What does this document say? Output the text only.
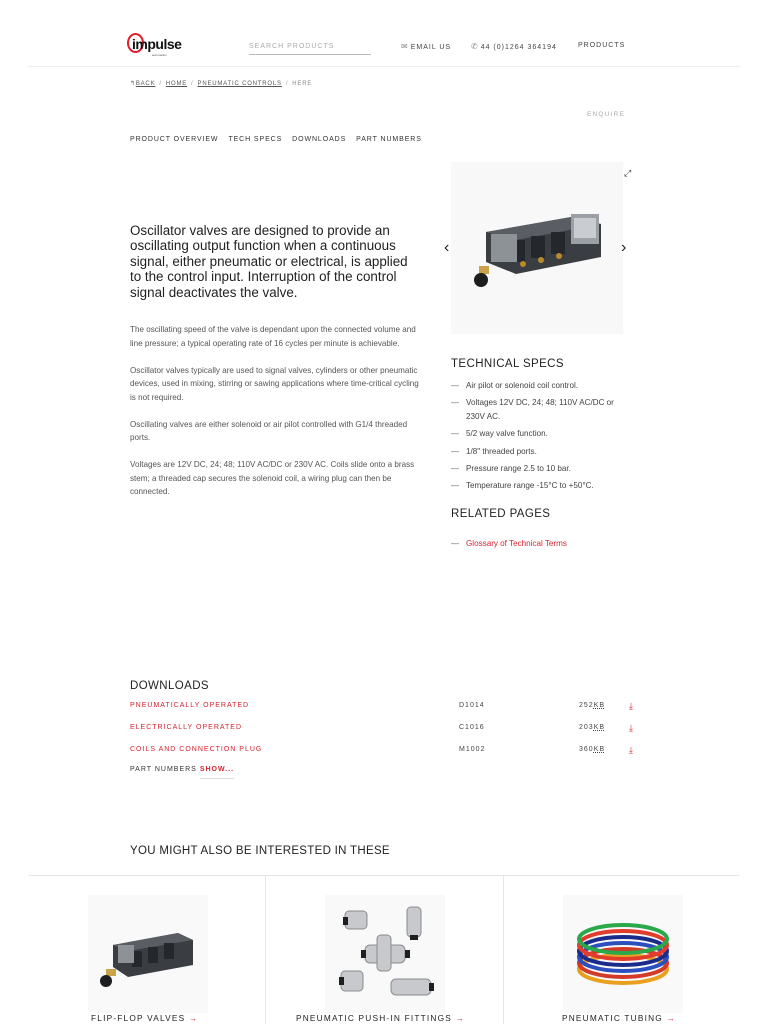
impulse
automation
SEARCH PRODUCTS
✉ EMAIL US ✆ 44 (0)1264 364194	PRODUCTS
↰BACK / HOME / PNEUMATIC CONTROLS / HERE
ENQUIRE
PRODUCT OVERVIEW TECH SPECS DOWNLOADS PART NUMBERS
Oscillator valves are designed to provide an oscillating output function when a continuous signal, either pneumatic or electrical, is applied to the control input. Interruption of the control signal deactivates the valve.

The oscillating speed of the valve is dependant upon the connected volume and line pressure; a typical operating rate of 16 cycles per minute is achievable.

Oscillator valves typically are used to signal valves, cylinders or other pneumatic devices, used in mixing, stirring or sawing applications where time-critical cycling is not required.

Oscillating valves are either solenoid or air pilot controlled with G1/4 threaded ports.

Voltages are 12V DC, 24; 48; 110V AC/DC or 230V AC. Coils slide onto a brass stem; a threaded cap secures the solenoid coil, a wiring plug can then be connected.

‹	›
⤢
TECHNICAL SPECS
— Air pilot or solenoid coil control.
— Voltages 12V DC, 24; 48; 110V AC/DC or 230V AC.
— 5/2 way valve function.
— 1/8" threaded ports.
— Pressure range 2.5 to 10 bar.
— Temperature range -15°C to +50°C.
RELATED PAGES
— Glossary of Technical Terms
DOWNLOADS
PNEUMATICALLY OPERATED	D1014	252KB	⤓
ELECTRICALLY OPERATED	C1016	203KB	⤓
COILS AND CONNECTION PLUG	M1002	360KB	⤓
PART NUMBERS SHOW...
YOU MIGHT ALSO BE INTERESTED IN THESE
FLIP-FLOP VALVES →	PNEUMATIC PUSH-IN FITTINGS →	PNEUMATIC TUBING →
